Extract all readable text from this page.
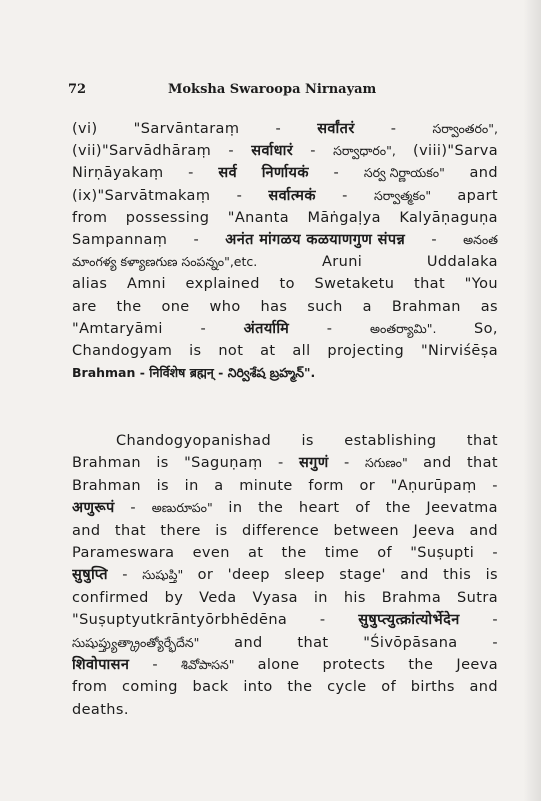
72	Moksha Swaroopa Nirnayam
(vi) "Sarvāntaraṃ - सर्वांतरं -	సర్వాంతరం",
(vii)"Sarvādhāraṃ - सर्वाधारं - సర్వాధారం", (viii)"Sarva
Nirṇāyakaṃ - सर्व निर्णायकं - సర్వ నిర్ణాయకం" and
(ix)"Sarvātmakaṃ - सर्वात्मकं - సర్వాత్మకం" apart
from possessing "Ananta Māṅgaḷya Kalyāṇaguṇa
Sampannaṃ - अनंत मांगळय कळयाणगुण संपन्न - అనంత
మాంగళ్య కళ్యాణగుణ సంపన్నం",etc.	Aruni	Uddalaka
alias Amni explained to Swetaketu that "You
are the one who has such a Brahman as
"Amtaryāmi	-	अंतर्यामि	-	అంతర్యామి".	So,
Chandogyam is not at all projecting "Nirviśēṣa
Brahman - निर्विशेष ब्रह्मन् - నిర్విశేష బ్రహ్మన్".
Chandogyopanishad is establishing that
Brahman is "Saguṇaṃ - सगुणं - సగుణం" and that
Brahman is in a minute form or "Aṇurūpaṃ -
अणुरूपं - అణురూపం" in the heart of the Jeevatma
and that there is difference between Jeeva and
Parameswara even at the time of "Suṣupti -
सुषुप्ति - సుషుప్తి" or 'deep sleep stage' and this is
confirmed by Veda Vyasa in his Brahma Sutra
"Suṣuptyutkrāntyōrbhēdēna - सुषुप्त्युत्क्रांत्योर्भेदेन -
సుషుప్త్యుత్క్రాంత్యోర్భేదేన" and that "Śivōpāsana -
शिवोपासन - శివోపాసన" alone protects the Jeeva
from coming back into the cycle of births and
deaths.
